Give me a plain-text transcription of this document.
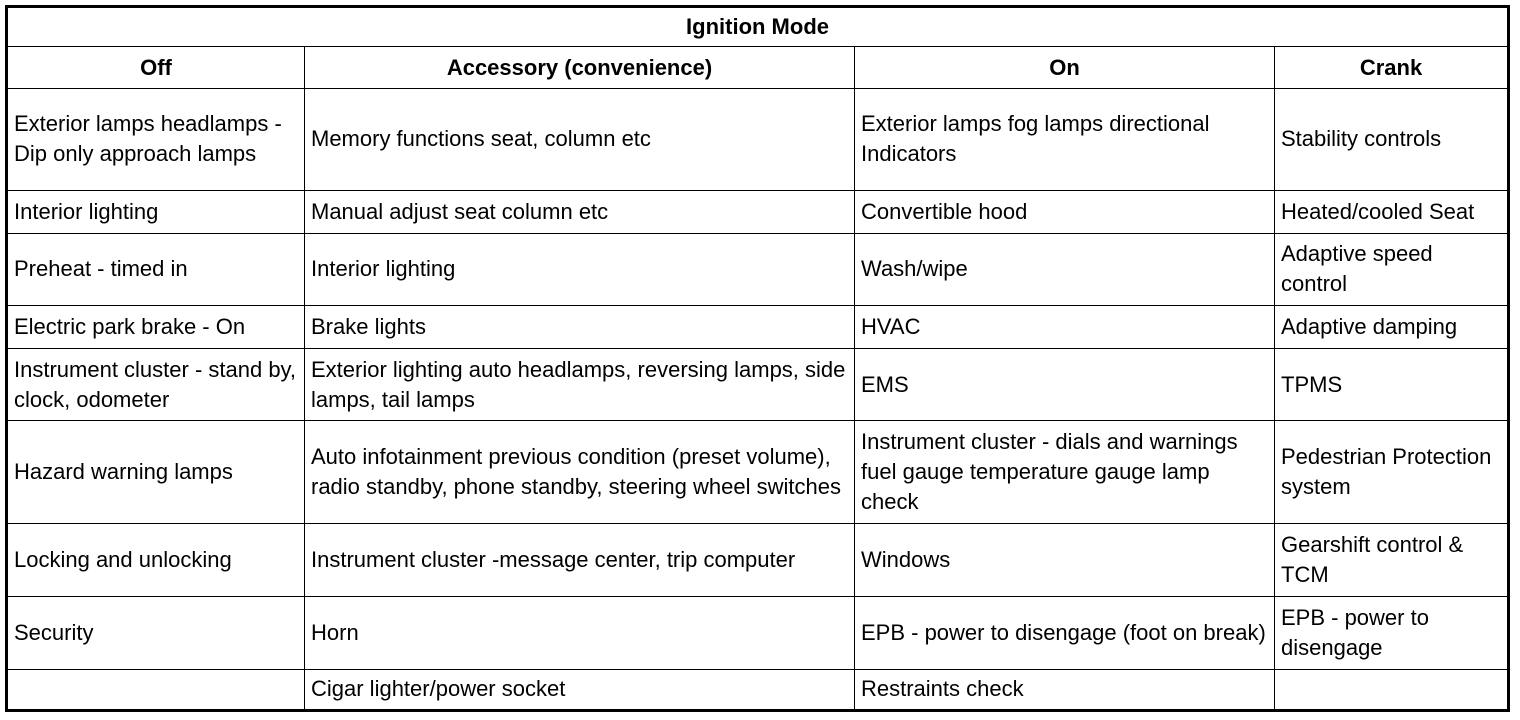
Ignition Mode			
Off	Accessory (convenience)	On	Crank
Exterior lamps headlamps - Dip only approach lamps	Memory functions seat, column etc	Exterior lamps fog lamps directional Indicators	Stability controls
Interior lighting	Manual adjust seat column etc	Convertible hood	Heated/cooled Seat
Preheat - timed in	Interior lighting	Wash/wipe	Adaptive speed control
Electric park brake - On	Brake lights	HVAC	Adaptive damping
Instrument cluster - stand by, clock, odometer	Exterior lighting auto headlamps, reversing lamps, side lamps, tail lamps	EMS	TPMS
Hazard warning lamps	Auto infotainment previous condition (preset volume), radio standby, phone standby, steering wheel switches	Instrument cluster - dials and warnings fuel gauge temperature gauge lamp check	Pedestrian Protection system
Locking and unlocking	Instrument cluster -message center, trip computer	Windows	Gearshift control & TCM
Security	Horn	EPB - power to disengage (foot on break)	EPB - power to disengage
	Cigar lighter/power socket	Restraints check	
